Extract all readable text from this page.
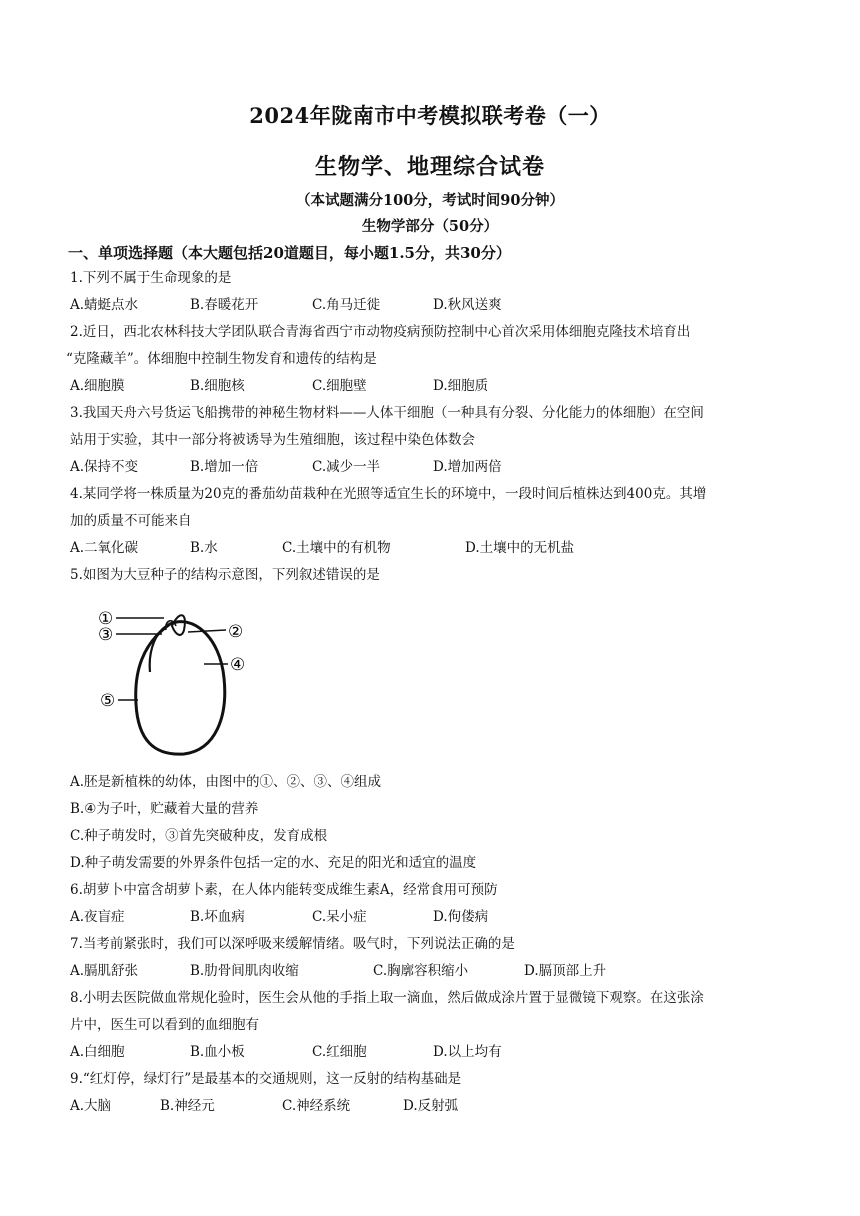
2024年陇南市中考模拟联考卷（一）
生物学、地理综合试卷
（本试题满分100分，考试时间90分钟）
生物学部分（50分）
一、单项选择题（本大题包括20道题目，每小题1.5分，共30分）
1.下列不属于生命现象的是
A.蜻蜓点水	B.春暖花开	C.角马迁徙	D.秋风送爽
2.近日，西北农林科技大学团队联合青海省西宁市动物疫病预防控制中心首次采用体细胞克隆技术培育出
“克隆藏羊”。体细胞中控制生物发育和遗传的结构是
A.细胞膜	B.细胞核	C.细胞壁	D.细胞质
3.我国天舟六号货运飞船携带的神秘生物材料——人体干细胞（一种具有分裂、分化能力的体细胞）在空间
站用于实验，其中一部分将被诱导为生殖细胞，该过程中染色体数会
A.保持不变	B.增加一倍	C.减少一半	D.增加两倍
4.某同学将一株质量为20克的番茄幼苗栽种在光照等适宜生长的环境中，一段时间后植株达到400克。其增
加的质量不可能来自
A.二氧化碳	B.水	C.土壤中的有机物	D.土壤中的无机盐
5.如图为大豆种子的结构示意图，下列叙述错误的是
①
②
③
④
⑤
A.胚是新植株的幼体，由图中的①、②、③、④组成
B.④为子叶，贮藏着大量的营养
C.种子萌发时，③首先突破种皮，发育成根
D.种子萌发需要的外界条件包括一定的水、充足的阳光和适宜的温度
6.胡萝卜中富含胡萝卜素，在人体内能转变成维生素A，经常食用可预防
A.夜盲症	B.坏血病	C.呆小症	D.佝偻病
7.当考前紧张时，我们可以深呼吸来缓解情绪。吸气时，下列说法正确的是
A.膈肌舒张	B.肋骨间肌肉收缩	C.胸廓容积缩小	D.膈顶部上升
8.小明去医院做血常规化验时，医生会从他的手指上取一滴血，然后做成涂片置于显微镜下观察。在这张涂
片中，医生可以看到的血细胞有
A.白细胞	B.血小板	C.红细胞	D.以上均有
9.“红灯停，绿灯行”是最基本的交通规则，这一反射的结构基础是
A.大脑	B.神经元	C.神经系统	D.反射弧
